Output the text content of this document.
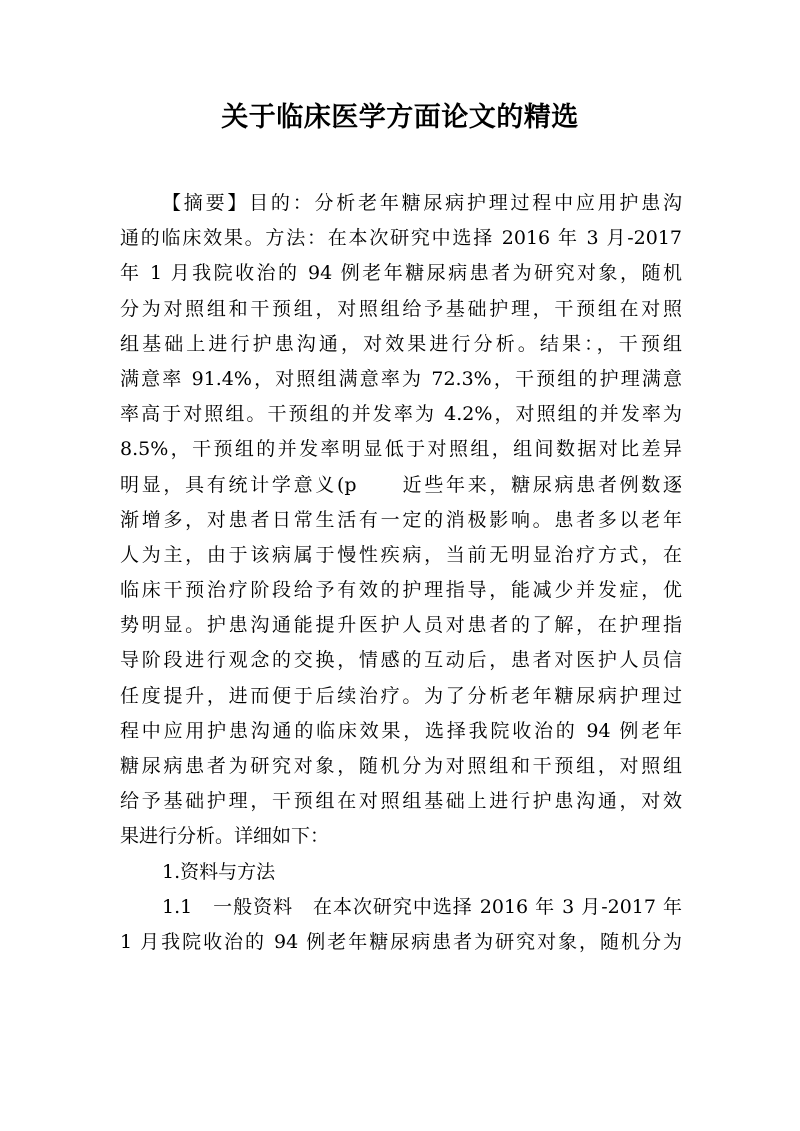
关于临床医学方面论文的精选
【摘要】目的：分析老年糖尿病护理过程中应用护患沟
通的临床效果。方法：在本次研究中选择 2016 年 3 月-2017
年 1 月我院收治的 94 例老年糖尿病患者为研究对象，随机
分为对照组和干预组，对照组给予基础护理，干预组在对照
组基础上进行护患沟通，对效果进行分析。结果：，干预组
满意率 91.4%，对照组满意率为 72.3%，干预组的护理满意
率高于对照组。干预组的并发率为 4.2%，对照组的并发率为
8.5%，干预组的并发率明显低于对照组，组间数据对比差异
明显，具有统计学意义(p　　近些年来，糖尿病患者例数逐
渐增多，对患者日常生活有一定的消极影响。患者多以老年
人为主，由于该病属于慢性疾病，当前无明显治疗方式，在
临床干预治疗阶段给予有效的护理指导，能减少并发症，优
势明显。护患沟通能提升医护人员对患者的了解，在护理指
导阶段进行观念的交换，情感的互动后，患者对医护人员信
任度提升，进而便于后续治疗。为了分析老年糖尿病护理过
程中应用护患沟通的临床效果，选择我院收治的 94 例老年
糖尿病患者为研究对象，随机分为对照组和干预组，对照组
给予基础护理，干预组在对照组基础上进行护患沟通，对效
果进行分析。详细如下：
1.资料与方法
1.1　一般资料　在本次研究中选择 2016 年 3 月-2017 年
1 月我院收治的 94 例老年糖尿病患者为研究对象，随机分为
